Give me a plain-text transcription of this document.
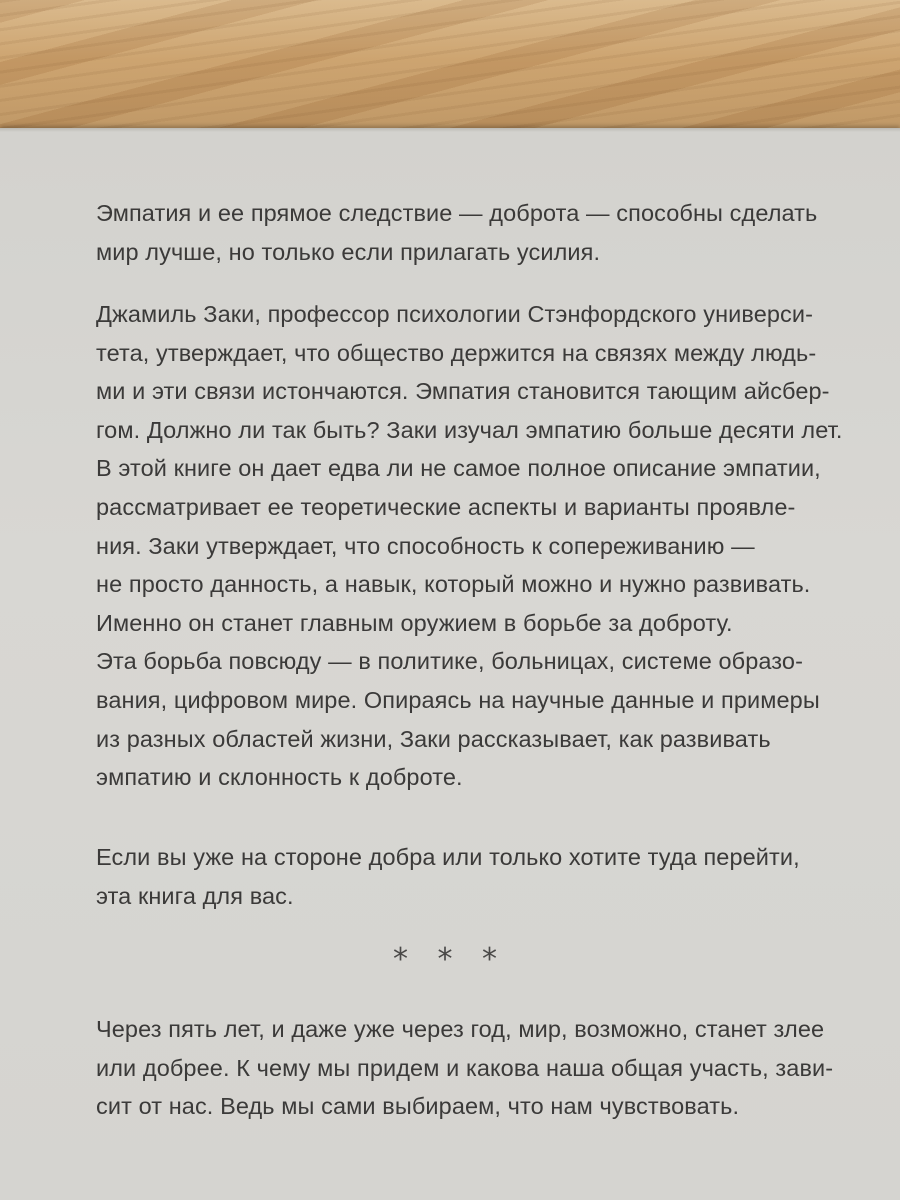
Эмпатия и ее прямое следствие — доброта — способны сделать
мир лучше, но только если прилагать усилия.
Джамиль Заки, профессор психологии Стэнфордского универси-
тета, утверждает, что общество держится на связях между людь-
ми и эти связи истончаются. Эмпатия становится тающим айсбер-
гом. Должно ли так быть? Заки изучал эмпатию больше десяти лет.
В этой книге он дает едва ли не самое полное описание эмпатии,
рассматривает ее теоретические аспекты и варианты проявле-
ния. Заки утверждает, что способность к сопереживанию —
не просто данность, а навык, который можно и нужно развивать.
Именно он станет главным оружием в борьбе за доброту.
Эта борьба повсюду — в политике, больницах, системе образо-
вания, цифровом мире. Опираясь на научные данные и примеры
из разных областей жизни, Заки рассказывает, как развивать
эмпатию и склонность к доброте.
Если вы уже на стороне добра или только хотите туда перейти,
эта книга для вас.
* * *
Через пять лет, и даже уже через год, мир, возможно, станет злее
или добрее. К чему мы придем и какова наша общая участь, зави-
сит от нас. Ведь мы сами выбираем, что нам чувствовать.
